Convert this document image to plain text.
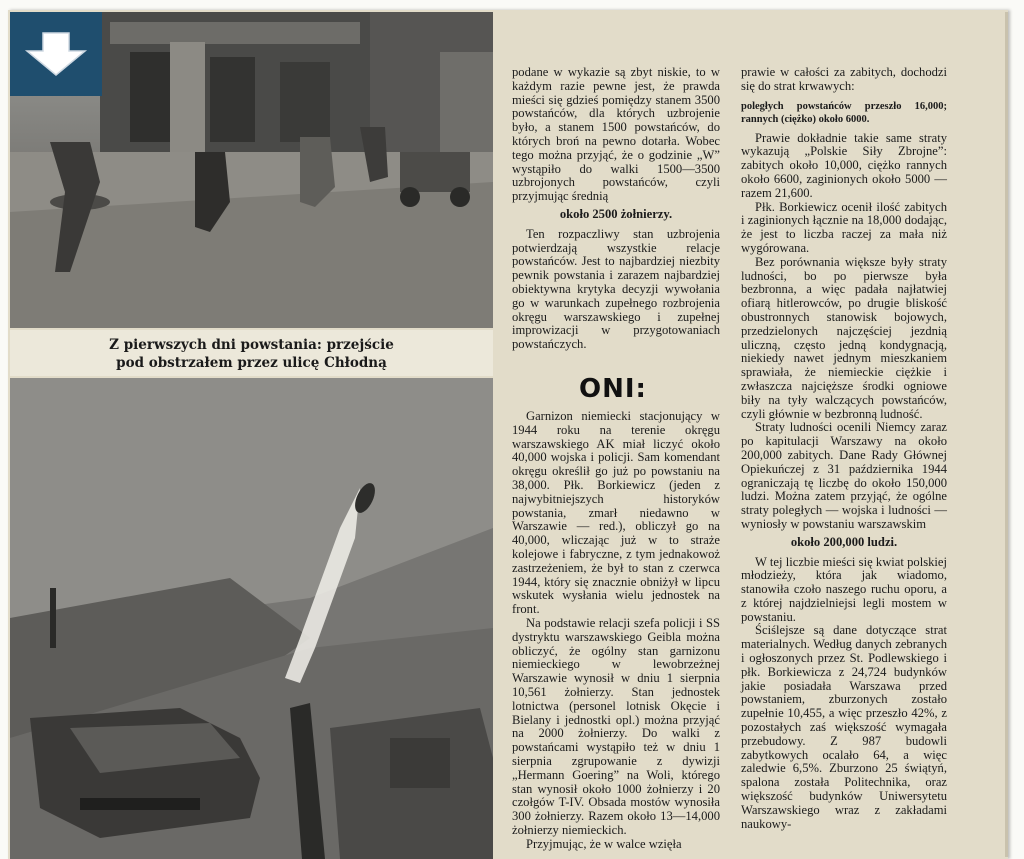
Z pierwszych dni powstania: przejście
pod obstrzałem przez ulicę Chłodną

podane w wykazie są zbyt niskie, to w każdym razie pewne jest, że prawda mieści się gdzieś pomiędzy stanem 3500 powstańców, dla których uzbrojenie było, a stanem 1500 powstańców, do których broń na pewno dotarła. Wobec tego można przyjąć, że o godzinie „W” wystąpiło do walki 1500—3500 uzbrojonych powstańców, czyli przyjmując średnią

około 2500 żołnierzy.

Ten rozpaczliwy stan uzbrojenia potwierdzają wszystkie relacje powstańców. Jest to najbardziej niezbity pewnik powstania i zarazem najbardziej obiektywna krytyka decyzji wywołania go w warunkach zupełnego rozbrojenia okręgu warszawskiego i zupełnej improwizacji w przygotowaniach powstańczych.

ONI:

Garnizon niemiecki stacjonujący w 1944 roku na terenie okręgu warszawskiego AK miał liczyć około 40,000 wojska i policji. Sam komendant okręgu określił go już po powstaniu na 38,000. Płk. Borkiewicz (jeden z najwybitniejszych historyków powstania, zmarł niedawno w Warszawie — red.), obliczył go na 40,000, wliczając już w to straże kolejowe i fabryczne, z tym jednakowoż zastrzeżeniem, że był to stan z czerwca 1944, który się znacznie obniżył w lipcu wskutek wysłania wielu jednostek na front.

Na podstawie relacji szefa policji i SS dystryktu warszawskiego Geibla można obliczyć, że ogólny stan garnizonu niemieckiego w lewobrzeżnej Warszawie wynosił w dniu 1 sierpnia 10,561 żołnierzy. Stan jednostek lotnictwa (personel lotnisk Okęcie i Bielany i jednostki opl.) można przyjąć na 2000 żołnierzy. Do walki z powstańcami wystąpiło też w dniu 1 sierpnia zgrupowanie z dywizji „Hermann Goering” na Woli, którego stan wynosił około 1000 żołnierzy i 20 czołgów T-IV. Obsada mostów wynosiła 300 żołnierzy. Razem około 13—14,000 żołnierzy niemieckich.

Przyjmując, że w walce wzięła

prawie w całości za zabitych, dochodzi się do strat krwawych:

poległych powstańców przeszło 16,000; rannych (ciężko) około 6000.

Prawie dokładnie takie same straty wykazują „Polskie Siły Zbrojne”: zabitych około 10,000, ciężko rannych około 6600, zaginionych około 5000 — razem 21,600.

Płk. Borkiewicz ocenił ilość zabitych i zaginionych łącznie na 18,000 dodając, że jest to liczba raczej za mała niż wygórowana.

Bez porównania większe były straty ludności, bo po pierwsze była bezbronna, a więc padała najłatwiej ofiarą hitlerowców, po drugie bliskość obustronnych stanowisk bojowych, przedzielonych najczęściej jezdnią uliczną, często jedną kondygnacją, niekiedy nawet jednym mieszkaniem sprawiała, że niemieckie ciężkie i zwłaszcza najcięższe środki ogniowe biły na tyły walczących powstańców, czyli głównie w bezbronną ludność.

Straty ludności ocenili Niemcy zaraz po kapitulacji Warszawy na około 200,000 zabitych. Dane Rady Głównej Opiekuńczej z 31 października 1944 ograniczają tę liczbę do około 150,000 ludzi. Można zatem przyjąć, że ogólne straty poległych — wojska i ludności — wyniosły w powstaniu warszawskim

około 200,000 ludzi.

W tej liczbie mieści się kwiat polskiej młodzieży, która jak wiadomo, stanowiła czoło naszego ruchu oporu, a z której najdzielniejsi legli mostem w powstaniu.

Ściślejsze są dane dotyczące strat materialnych. Według danych zebranych i ogłoszonych przez St. Podlewskiego i płk. Borkiewicza z 24,724 budynków jakie posiadała Warszawa przed powstaniem, zburzonych zostało zupełnie 10,455, a więc przeszło 42%, z pozostałych zaś większość wymagała przebudowy. Z 987 budowli zabytkowych ocalało 64, a więc zaledwie 6,5%. Zburzono 25 świątyń, spalona została Politechnika, oraz większość budynków Uniwersytetu Warszawskiego wraz z zakładami naukowy-
